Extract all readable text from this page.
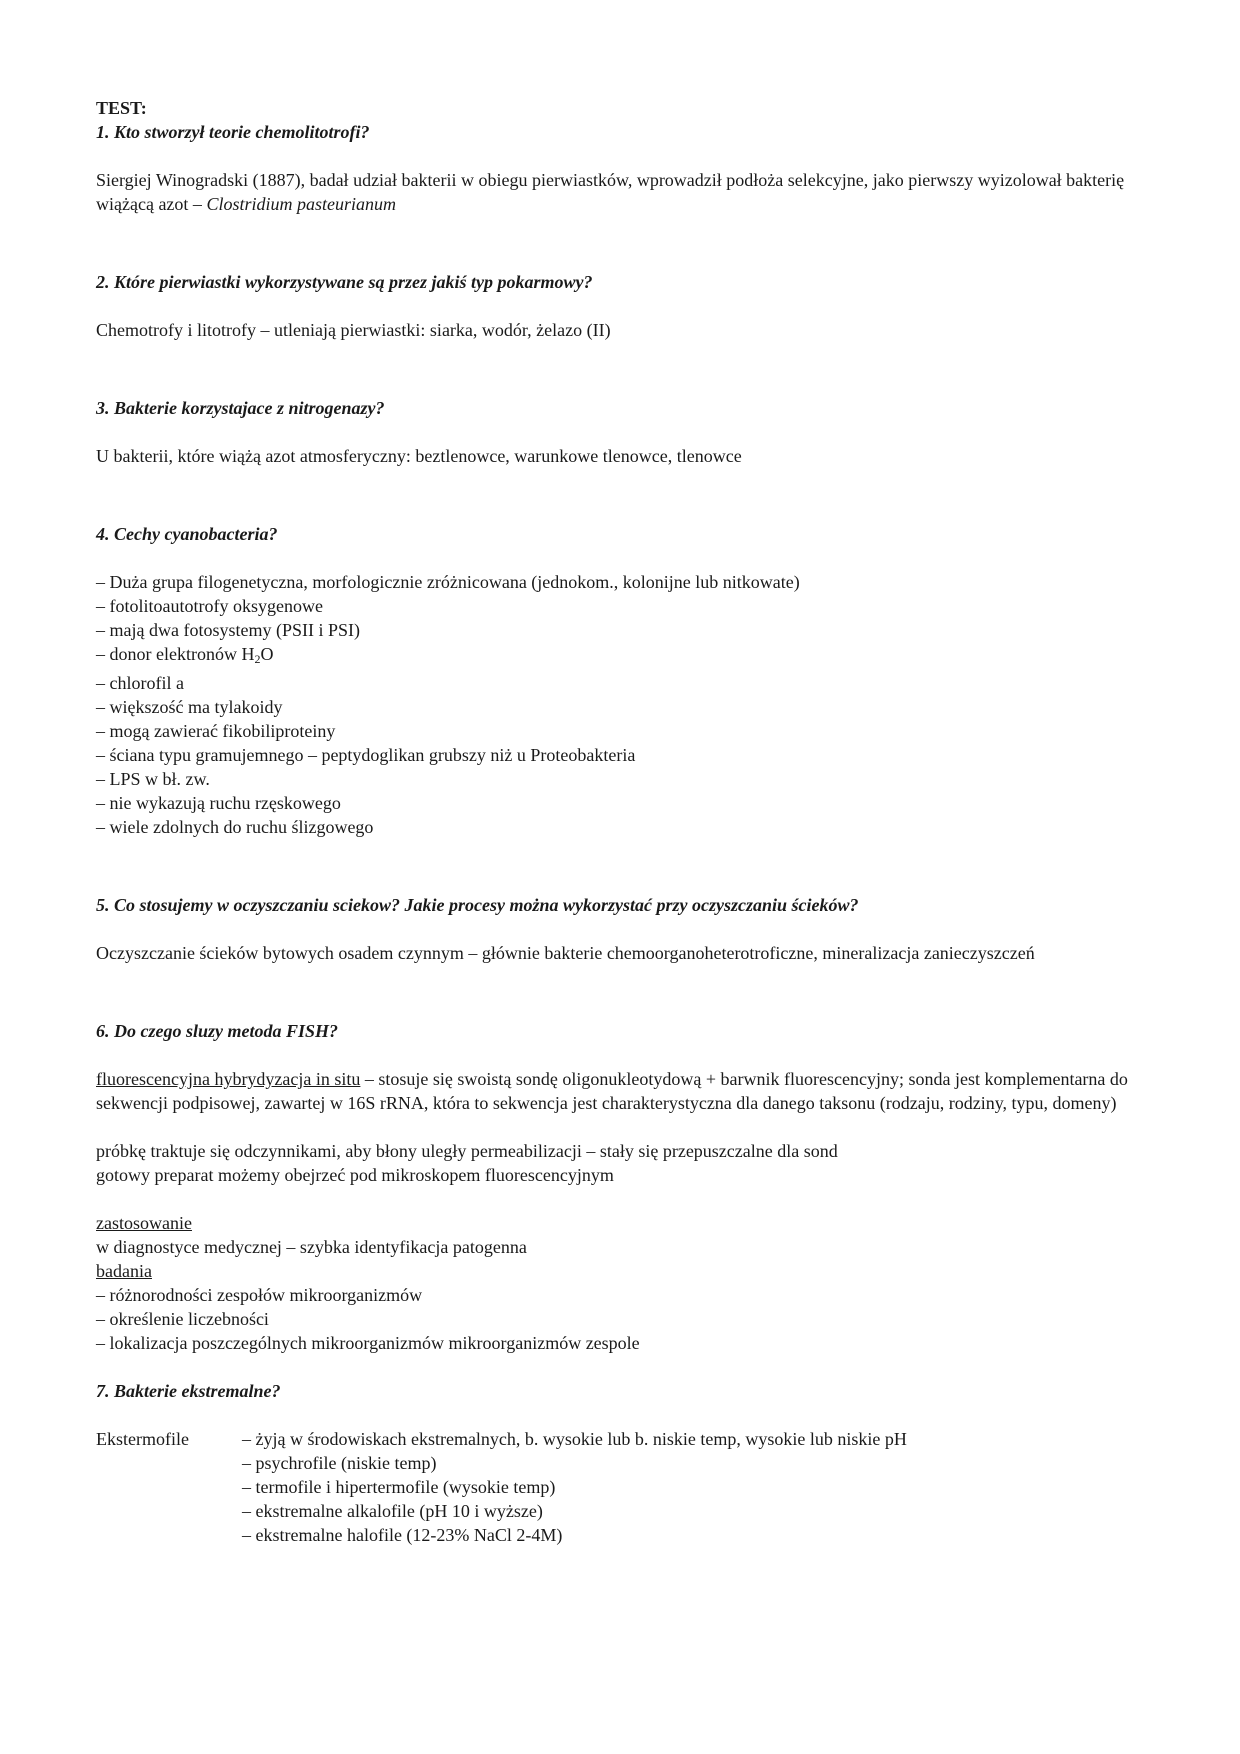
TEST:

1. Kto stworzył teorie chemolitotrofi?

Siergiej Winogradski (1887), badał udział bakterii w obiegu pierwiastków, wprowadził podłoża selekcyjne, jako pierwszy wyizolował bakterię wiążącą azot – Clostridium pasteurianum

2. Które pierwiastki wykorzystywane są przez jakiś typ pokarmowy?

Chemotrofy i litotrofy – utleniają pierwiastki: siarka, wodór, żelazo (II)

3. Bakterie korzystajace z nitrogenazy?

U bakterii, które wiążą azot atmosferyczny: beztlenowce, warunkowe tlenowce, tlenowce

4. Cechy cyanobacteria?

– Duża grupa filogenetyczna, morfologicznie zróżnicowana (jednokom., kolonijne lub nitkowate)
– fotolitoautotrofy oksygenowe
– mają dwa fotosystemy (PSII i PSI)
– donor elektronów $H_2O$
– chlorofil a
– większość ma tylakoidy
– mogą zawierać fikobiliproteiny
– ściana typu gramujemnego – peptydoglikan grubszy niż u Proteobakteria
– LPS w bł. zw.
– nie wykazują ruchu rzęskowego
– wiele zdolnych do ruchu ślizgowego

5. Co stosujemy w oczyszczaniu sciekow? Jakie procesy można wykorzystać przy oczyszczaniu ścieków?

Oczyszczanie ścieków bytowych osadem czynnym – głównie bakterie chemoorganoheterotroficzne, mineralizacja zanieczyszczeń

6. Do czego sluzy metoda FISH?

fluorescencyjna hybrydyzacja in situ – stosuje się swoistą sondę oligonukleotydową + barwnik fluorescencyjny; sonda jest komplementarna do sekwencji podpisowej, zawartej w 16S rRNA, która to sekwencja jest charakterystyczna dla danego taksonu (rodzaju, rodziny, typu, domeny)

próbkę traktuje się odczynnikami, aby błony uległy permeabilizacji – stały się przepuszczalne dla sond

gotowy preparat możemy obejrzeć pod mikroskopem fluorescencyjnym

zastosowanie

w diagnostyce medycznej – szybka identyfikacja patogenna

badania

– różnorodności zespołów mikroorganizmów
– określenie liczebności
– lokalizacja poszczególnych mikroorganizmów mikroorganizmów zespole

7. Bakterie ekstremalne?

Ekstermofile	– żyją w środowiskach ekstremalnych, b. wysokie lub b. niskie temp, wysokie lub niskie pH
– psychrofile (niskie temp)
– termofile i hipertermofile (wysokie temp)
– ekstremalne alkalofile (pH 10 i wyższe)
– ekstremalne halofile (12-23% NaCl 2-4M)
